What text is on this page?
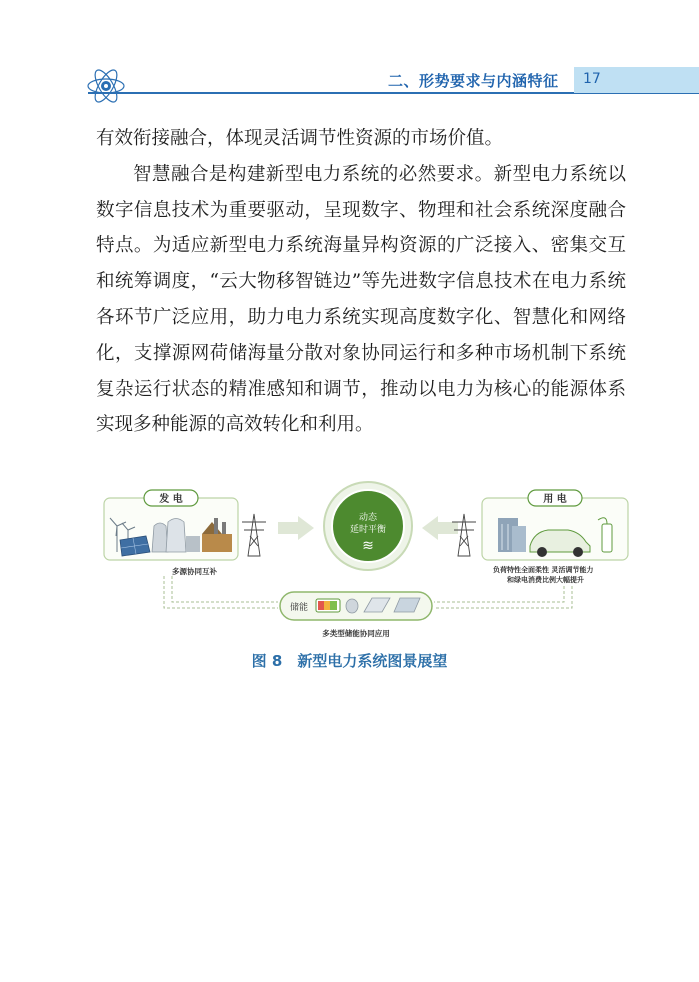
二、形势要求与内涵特征 17

有效衔接融合，体现灵活调节性资源的市场价值。

智慧融合是构建新型电力系统的必然要求。新型电力系统以数字信息技术为重要驱动，呈现数字、物理和社会系统深度融合特点。为适应新型电力系统海量异构资源的广泛接入、密集交互和统筹调度，“云大物移智链边”等先进数字信息技术在电力系统各环节广泛应用，助力电力系统实现高度数字化、智慧化和网络化，支撑源网荷储海量分散对象协同运行和多种市场机制下系统复杂运行状态的精准感知和调节，推动以电力为核心的能源体系实现多种能源的高效转化和利用。

发 电
多源协同互补
动态
延时平衡
≋
用 电
负荷特性全面柔性 灵活调节能力
和绿电消费比例大幅提升
储能
多类型储能协同应用
图 8　新型电力系统图景展望
